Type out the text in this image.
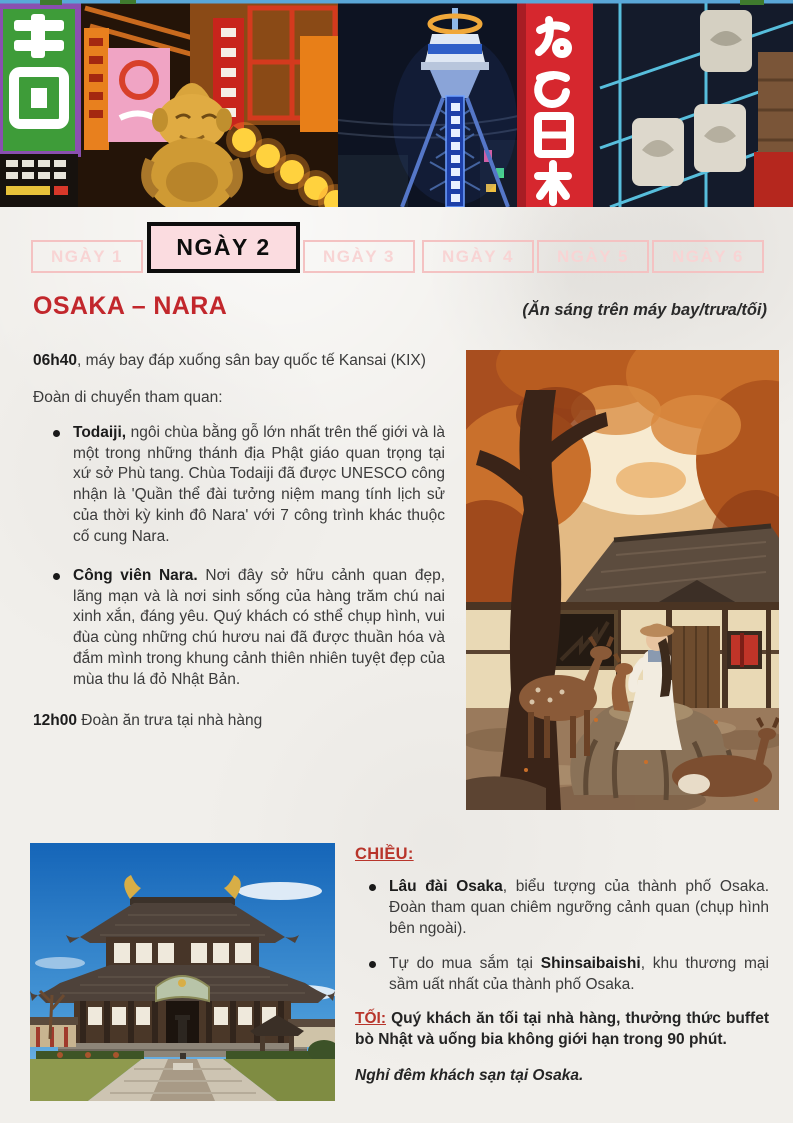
NGÀY 1 NGÀY 2	NGÀY 3	NGÀY 4	NGÀY 5	NGÀY 6
OSAKA – NARA	(Ăn sáng trên máy bay/trưa/tối)

06h40, máy bay đáp xuống sân bay quốc tế Kansai (KIX)

Đoàn di chuyển tham quan:

Todaiji, ngôi chùa bằng gỗ lớn nhất trên thế giới và là một trong những thánh địa Phật giáo quan trọng tại xứ sở Phù tang. Chùa Todaiji đã được UNESCO công nhận là 'Quần thể đài tưởng niệm mang tính lịch sử của thời kỳ kinh đô Nara' với 7 công trình khác thuộc cố cung Nara.
Công viên Nara. Nơi đây sở hữu cảnh quan đẹp, lãng mạn và là nơi sinh sống của hàng trăm chú nai xinh xắn, đáng yêu. Quý khách có sthể chụp hình, vui đùa cùng những chú hươu nai đã được thuần hóa và đắm mình trong khung cảnh thiên nhiên tuyệt đẹp của mùa thu lá đỏ Nhật Bản.

12h00 Đoàn ăn trưa tại nhà hàng

CHIỀU:
Lâu đài Osaka, biểu tượng của thành phố Osaka. Đoàn tham quan chiêm ngưỡng cảnh quan (chụp hình bên ngoài).
Tự do mua sắm tại Shinsaibaishi, khu thương mại sầm uất nhất của thành phố Osaka.

TỐI: Quý khách ăn tối tại nhà hàng, thưởng thức buffet bò Nhật và uống bia không giới hạn trong 90 phút.

Nghỉ đêm khách sạn tại Osaka.
